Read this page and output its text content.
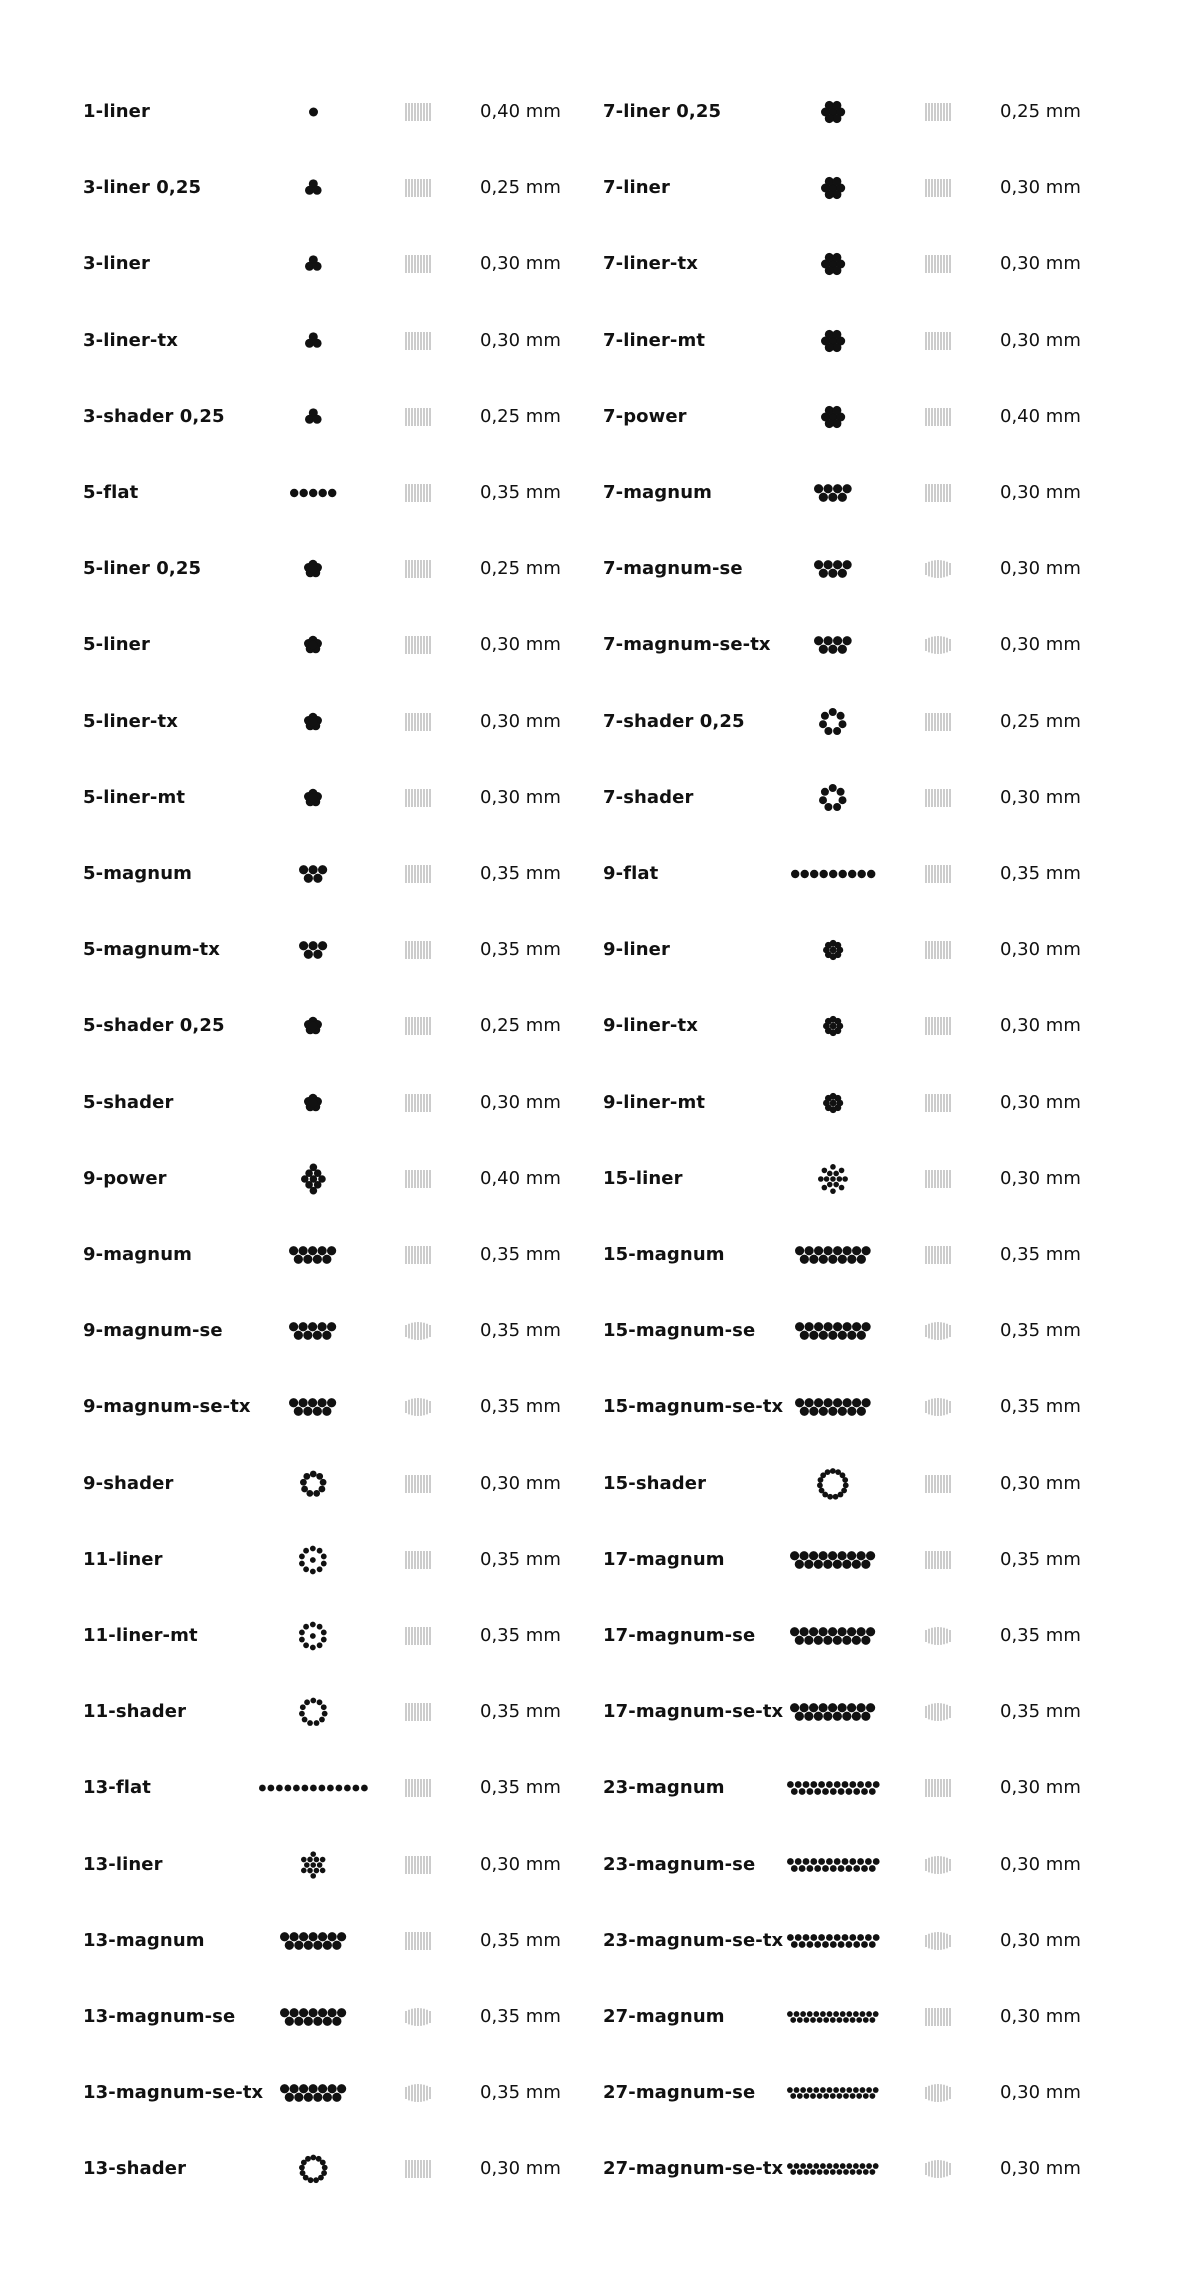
1-liner	0,40 mm
3-liner 0,25	0,25 mm
3-liner	0,30 mm
3-liner-tx	0,30 mm
3-shader 0,25	0,25 mm
5-flat	0,35 mm
5-liner 0,25	0,25 mm
5-liner	0,30 mm
5-liner-tx	0,30 mm
5-liner-mt	0,30 mm
5-magnum	0,35 mm
5-magnum-tx	0,35 mm
5-shader 0,25	0,25 mm
5-shader	0,30 mm
9-power	0,40 mm
9-magnum	0,35 mm
9-magnum-se	0,35 mm
9-magnum-se-tx	0,35 mm
9-shader	0,30 mm
11-liner	0,35 mm
11-liner-mt	0,35 mm
11-shader	0,35 mm
13-flat	0,35 mm
13-liner	0,30 mm
13-magnum	0,35 mm
13-magnum-se	0,35 mm
13-magnum-se-tx	0,35 mm
13-shader	0,30 mm
7-liner 0,25	0,25 mm
7-liner	0,30 mm
7-liner-tx	0,30 mm
7-liner-mt	0,30 mm
7-power	0,40 mm
7-magnum	0,30 mm
7-magnum-se	0,30 mm
7-magnum-se-tx	0,30 mm
7-shader 0,25	0,25 mm
7-shader	0,30 mm
9-flat	0,35 mm
9-liner	0,30 mm
9-liner-tx	0,30 mm
9-liner-mt	0,30 mm
15-liner	0,30 mm
15-magnum	0,35 mm
15-magnum-se	0,35 mm
15-magnum-se-tx	0,35 mm
15-shader	0,30 mm
17-magnum	0,35 mm
17-magnum-se	0,35 mm
17-magnum-se-tx	0,35 mm
23-magnum	0,30 mm
23-magnum-se	0,30 mm
23-magnum-se-tx	0,30 mm
27-magnum	0,30 mm
27-magnum-se	0,30 mm
27-magnum-se-tx	0,30 mm
